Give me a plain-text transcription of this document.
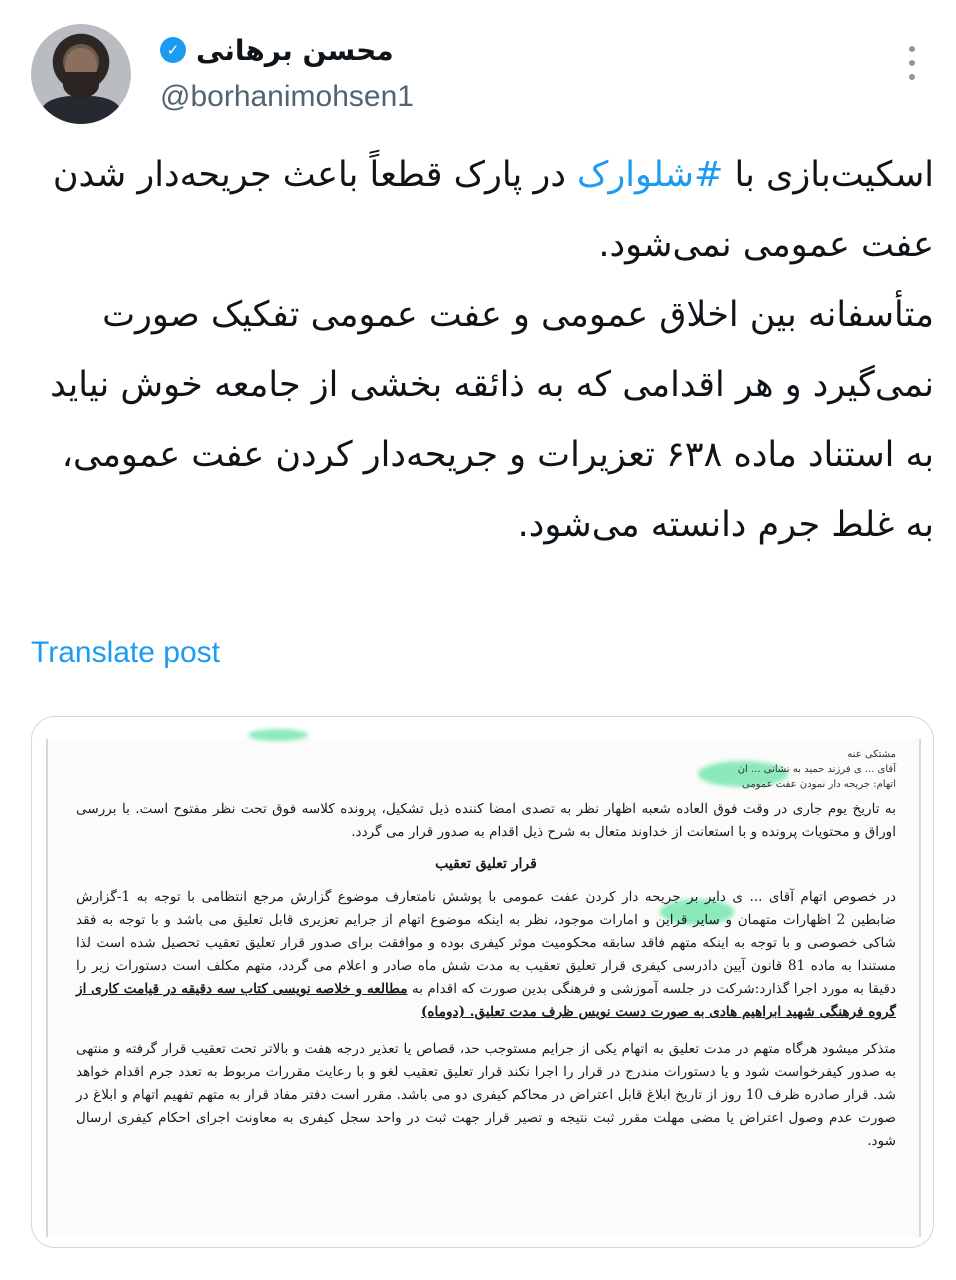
✓ محسن برهانی
@borhanimohsen1
اسکیت‌بازی با #شلوارک در پارک قطعاً باعث جریحه‌دار شدن عفت عمومی نمی‌شود.
متأسفانه بین اخلاق عمومی و عفت عمومی تفکیک صورت نمی‌گیرد و هر اقدامی که به ذائقه بخشی از جامعه خوش نیاید به استناد ماده ۶۳۸ تعزیرات و جریحه‌دار کردن عفت عمومی، به غلط جرم دانسته می‌شود.
Translate post
مشتکی عنه
آقای ... ی فرزند حمید به نشانی ... ان
اتهام: جریحه دار نمودن عفت عمومی

به تاریخ یوم جاری در وقت فوق العاده شعبه اظهار نظر به تصدی امضا کننده ذیل تشکیل، پرونده کلاسه فوق تحت نظر مفتوح است. با بررسی اوراق و محتویات پرونده و با استعانت از خداوند متعال به شرح ذیل اقدام به صدور قرار می گردد.

قرار تعلیق تعقیب

در خصوص اتهام آقای ... ی دایر بر جریحه دار کردن عفت عمومی با پوشش نامتعارف موضوع گزارش مرجع انتظامی با توجه به 1-گزارش ضابطین 2 اظهارات متهمان و سایر قراین و امارات موجود، نظر به اینکه موضوع اتهام از جرایم تعزیری قابل تعلیق می باشد و با توجه به فقد شاکی خصوصی و با توجه به اینکه متهم فاقد سابقه محکومیت موثر کیفری بوده و موافقت برای صدور قرار تعلیق تعقیب تحصیل شده است لذا مستندا به ماده 81 قانون آیین دادرسی کیفری قرار تعلیق تعقیب به مدت شش ماه صادر و اعلام می گردد، متهم مکلف است دستورات زیر را دقیقا به مورد اجرا گذارد:شرکت در جلسه آموزشی و فرهنگی بدین صورت که اقدام به مطالعه و خلاصه نویسی کتاب سه دقیقه در قیامت کاری از گروه فرهنگی شهید ابراهیم هادی به صورت دست نویس ظرف مدت تعلیق. (دوماه)

متذکر میشود هرگاه متهم در مدت تعلیق به اتهام یکی از جرایم مستوجب حد، قصاص یا تعذیر درجه هفت و بالاتر تحت تعقیب قرار گرفته و منتهی به صدور کیفرخواست شود و یا دستورات مندرج در قرار را اجرا نکند قرار تعلیق تعقیب لغو و با رعایت مقررات مربوط به تعدد جرم اقدام خواهد شد. قرار صادره ظرف 10 روز از تاریخ ابلاغ قابل اعتراض در محاکم کیفری دو می باشد. مقرر است دفتر مفاد قرار به متهم تفهیم اتهام و ابلاغ در صورت عدم وصول اعتراض یا مضی مهلت مقرر ثبت نتیجه و تصیر قرار جهت ثبت در واحد سجل کیفری به معاونت اجرای احکام کیفری ارسال شود.
